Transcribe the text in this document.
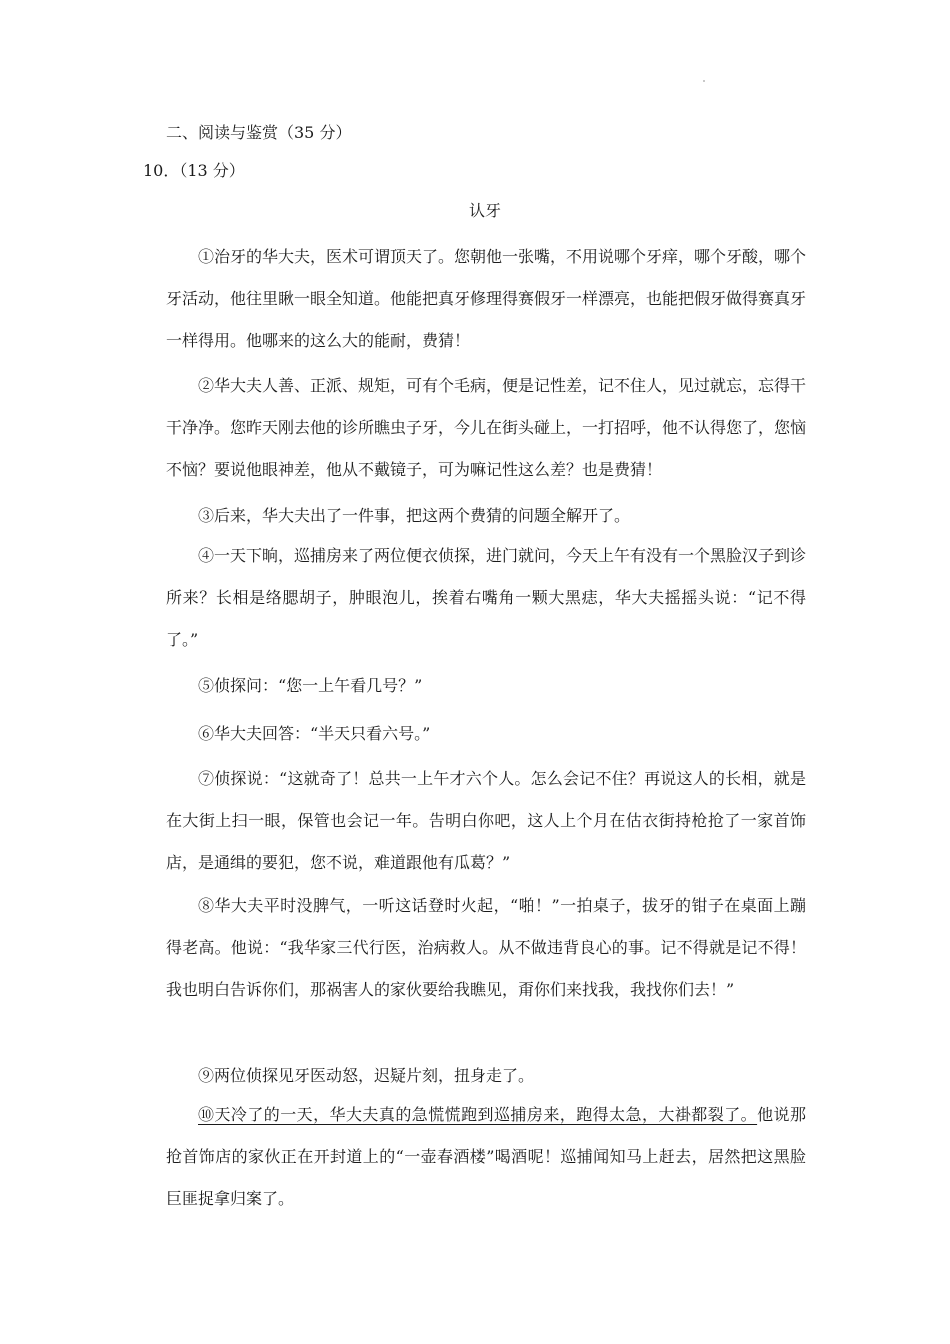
二、阅读与鉴赏（35 分）
10．（13 分）
认牙

①治牙的华大夫，医术可谓顶天了。您朝他一张嘴，不用说哪个牙痒，哪个牙酸，哪个牙活动，他往里瞅一眼全知道。他能把真牙修理得赛假牙一样漂亮，也能把假牙做得赛真牙一样得用。他哪来的这么大的能耐，费猜！

②华大夫人善、正派、规矩，可有个毛病，便是记性差，记不住人，见过就忘，忘得干干净净。您昨天刚去他的诊所瞧虫子牙，今儿在街头碰上，一打招呼，他不认得您了，您恼不恼？要说他眼神差，他从不戴镜子，可为嘛记性这么差？也是费猜！

③后来，华大夫出了一件事，把这两个费猜的问题全解开了。

④一天下晌，巡捕房来了两位便衣侦探，进门就问，今天上午有没有一个黑脸汉子到诊所来？长相是络腮胡子，肿眼泡儿，挨着右嘴角一颗大黑痣，华大夫摇摇头说：“记不得了。”

⑤侦探问：“您一上午看几号？”

⑥华大夫回答：“半天只看六号。”

⑦侦探说：“这就奇了！总共一上午才六个人。怎么会记不住？再说这人的长相，就是在大街上扫一眼，保管也会记一年。告明白你吧，这人上个月在估衣街持枪抢了一家首饰店，是通缉的要犯，您不说，难道跟他有瓜葛？”

⑧华大夫平时没脾气，一听这话登时火起，“啪！”一拍桌子，拔牙的钳子在桌面上蹦得老高。他说：“我华家三代行医，治病救人。从不做违背良心的事。记不得就是记不得！我也明白告诉你们，那祸害人的家伙要给我瞧见，甭你们来找我，我找你们去！”

⑨两位侦探见牙医动怒，迟疑片刻，扭身走了。

⑩天冷了的一天，华大夫真的急慌慌跑到巡捕房来，跑得太急，大褂都裂了。他说那抢首饰店的家伙正在开封道上的“一壶春酒楼”喝酒呢！巡捕闻知马上赶去，居然把这黑脸巨匪捉拿归案了。
